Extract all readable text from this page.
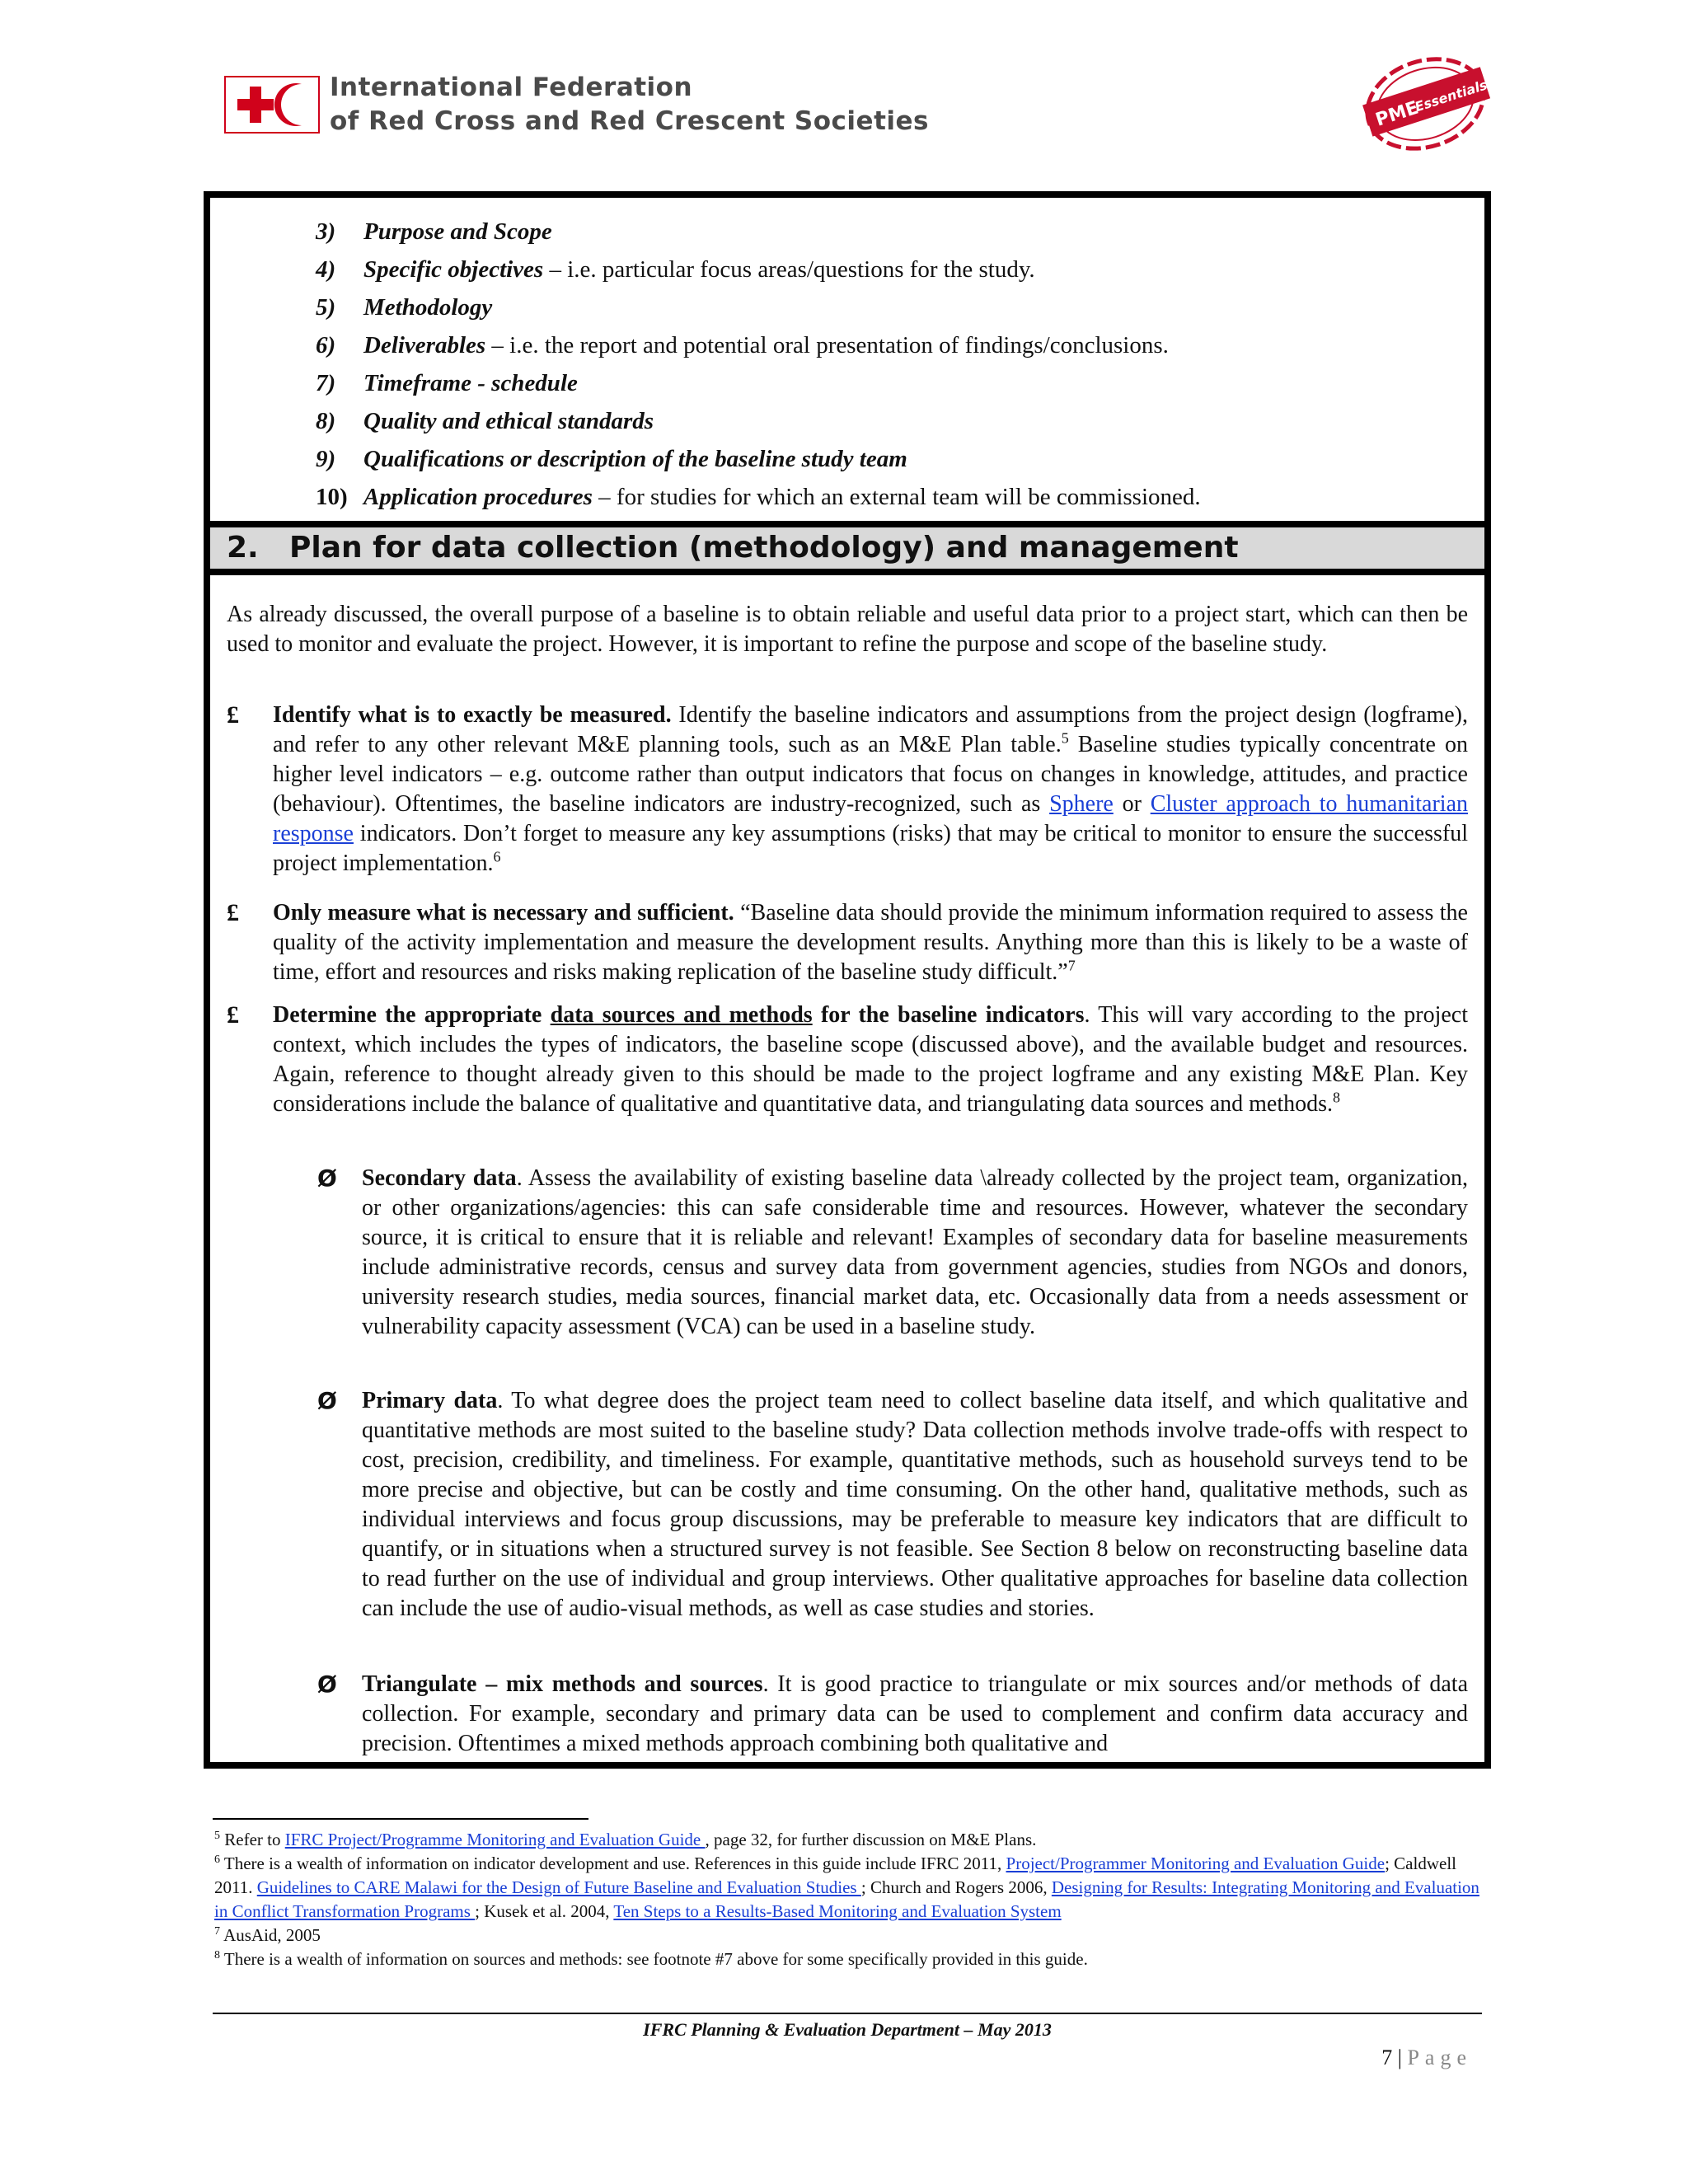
International Federation
of Red Cross and Red Crescent Societies	PME
Essentials
3) Purpose and Scope
4) Specific objectives – i.e. particular focus areas/questions for the study.
5) Methodology
6) Deliverables – i.e. the report and potential oral presentation of findings/conclusions.
7) Timeframe - schedule
8) Quality and ethical standards
9) Qualifications or description of the baseline study team
10) Application procedures – for studies for which an external team will be commissioned.
2. Plan for data collection (methodology) and management

As already discussed, the overall purpose of a baseline is to obtain reliable and useful data prior to a project start, which can then be used to monitor and evaluate the project. However, it is important to refine the purpose and scope of the baseline study.

£ Identify what is to exactly be measured. Identify the baseline indicators and assumptions from the project design (logframe), and refer to any other relevant M&E planning tools, such as an M&E Plan table.$^5$ Baseline studies typically concentrate on higher level indicators – e.g. outcome rather than output indicators that focus on changes in knowledge, attitudes, and practice (behaviour). Oftentimes, the baseline indicators are industry-recognized, such as Sphere or Cluster approach to humanitarian response indicators. Don’t forget to measure any key assumptions (risks) that may be critical to monitor to ensure the successful project implementation.$^6$
£ Only measure what is necessary and sufficient. “Baseline data should provide the minimum information required to assess the quality of the activity implementation and measure the development results. Anything more than this is likely to be a waste of time, effort and resources and risks making replication of the baseline study difficult.”$^7$
£ Determine the appropriate data sources and methods for the baseline indicators. This will vary according to the project context, which includes the types of indicators, the baseline scope (discussed above), and the available budget and resources. Again, reference to thought already given to this should be made to the project logframe and any existing M&E Plan. Key considerations include the balance of qualitative and quantitative data, and triangulating data sources and methods.$^8$
Ø Secondary data. Assess the availability of existing baseline data \already collected by the project team, organization, or other organizations/agencies: this can safe considerable time and resources. However, whatever the secondary source, it is critical to ensure that it is reliable and relevant! Examples of secondary data for baseline measurements include administrative records, census and survey data from government agencies, studies from NGOs and donors, university research studies, media sources, financial market data, etc. Occasionally data from a needs assessment or vulnerability capacity assessment (VCA) can be used in a baseline study.
Ø Primary data. To what degree does the project team need to collect baseline data itself, and which qualitative and quantitative methods are most suited to the baseline study? Data collection methods involve trade-offs with respect to cost, precision, credibility, and timeliness. For example, quantitative methods, such as household surveys tend to be more precise and objective, but can be costly and time consuming. On the other hand, qualitative methods, such as individual interviews and focus group discussions, may be preferable to measure key indicators that are difficult to quantify, or in situations when a structured survey is not feasible. See Section 8 below on reconstructing baseline data to read further on the use of individual and group interviews. Other qualitative approaches for baseline data collection can include the use of audio-visual methods, as well as case studies and stories.
Ø Triangulate – mix methods and sources. It is good practice to triangulate or mix sources and/or methods of data collection. For example, secondary and primary data can be used to complement and confirm data accuracy and precision. Oftentimes a mixed methods approach combining both qualitative and

$^5$ Refer to IFRC Project/Programme Monitoring and Evaluation Guide , page 32, for further discussion on M&E Plans.

$^6$ There is a wealth of information on indicator development and use. References in this guide include IFRC 2011, Project/Programmer Monitoring and Evaluation Guide; Caldwell 2011. Guidelines to CARE Malawi for the Design of Future Baseline and Evaluation Studies ; Church and Rogers 2006, Designing for Results: Integrating Monitoring and Evaluation in Conflict Transformation Programs ; Kusek et al. 2004, Ten Steps to a Results-Based Monitoring and Evaluation System

$^7$ AusAid, 2005

$^8$ There is a wealth of information on sources and methods: see footnote #7 above for some specifically provided in this guide.

IFRC Planning & Evaluation Department – May 2013
7 | Page
